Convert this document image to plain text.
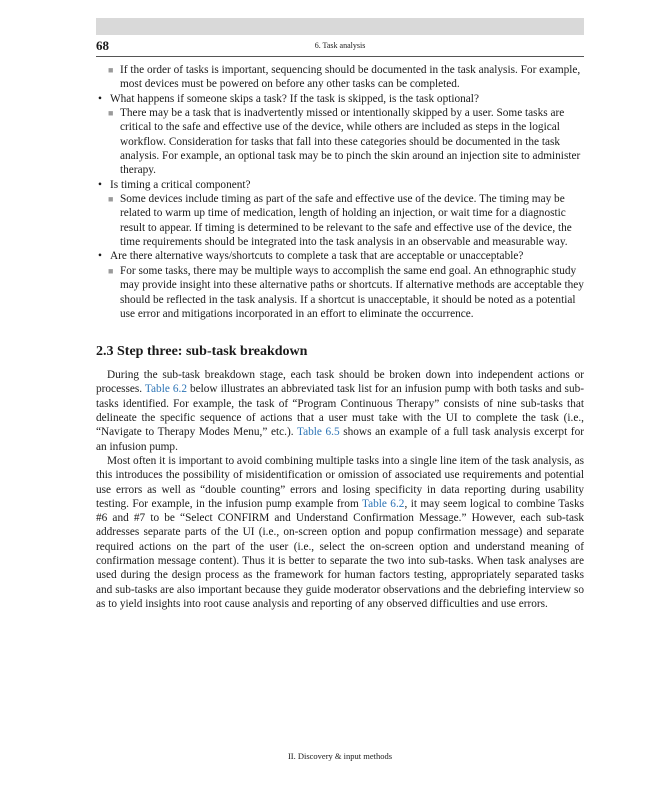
68	6. Task analysis

■ If the order of tasks is important, sequencing should be documented in the task analysis. For example, most devices must be powered on before any other tasks can be completed.

• What happens if someone skips a task? If the task is skipped, is the task optional?

■ There may be a task that is inadvertently missed or intentionally skipped by a user. Some tasks are critical to the safe and effective use of the device, while others are included as steps in the logical workflow. Consideration for tasks that fall into these categories should be documented in the task analysis. For example, an optional task may be to pinch the skin around an injection site to administer therapy.

• Is timing a critical component?

■ Some devices include timing as part of the safe and effective use of the device. The timing may be related to warm up time of medication, length of holding an injection, or wait time for a diagnostic result to appear. If timing is determined to be relevant to the safe and effective use of the device, the time requirements should be integrated into the task analysis in an observable and measurable way.

• Are there alternative ways/shortcuts to complete a task that are acceptable or unacceptable?

■ For some tasks, there may be multiple ways to accomplish the same end goal. An ethnographic study may provide insight into these alternative paths or shortcuts. If alternative methods are acceptable they should be reflected in the task analysis. If a shortcut is unacceptable, it should be noted as a potential use error and mitigations incorporated in an effort to eliminate the occurrence.

2.3 Step three: sub-task breakdown

During the sub-task breakdown stage, each task should be broken down into independent actions or processes. Table 6.2 below illustrates an abbreviated task list for an infusion pump with both tasks and sub-tasks identified. For example, the task of “Program Continuous Therapy” consists of nine sub-tasks that delineate the specific sequence of actions that a user must take with the UI to complete the task (i.e., “Navigate to Therapy Modes Menu,” etc.). Table 6.5 shows an example of a full task analysis excerpt for an infusion pump.

Most often it is important to avoid combining multiple tasks into a single line item of the task analysis, as this introduces the possibility of misidentification or omission of associated use requirements and potential use errors as well as “double counting” errors and losing specificity in data reporting during usability testing. For example, in the infusion pump example from Table 6.2, it may seem logical to combine Tasks #6 and #7 to be “Select CONFIRM and Understand Confirmation Message.” However, each sub-task addresses separate parts of the UI (i.e., on-screen option and popup confirmation message) and separate required actions on the part of the user (i.e., select the on-screen option and understand meaning of confirmation message content). Thus it is better to separate the two into sub-tasks. When task analyses are used during the design process as the framework for human factors testing, appropriately separated tasks and sub-tasks are also important because they guide moderator observations and the debriefing interview so as to yield insights into root cause analysis and reporting of any observed difficulties and use errors.

II. Discovery & input methods
